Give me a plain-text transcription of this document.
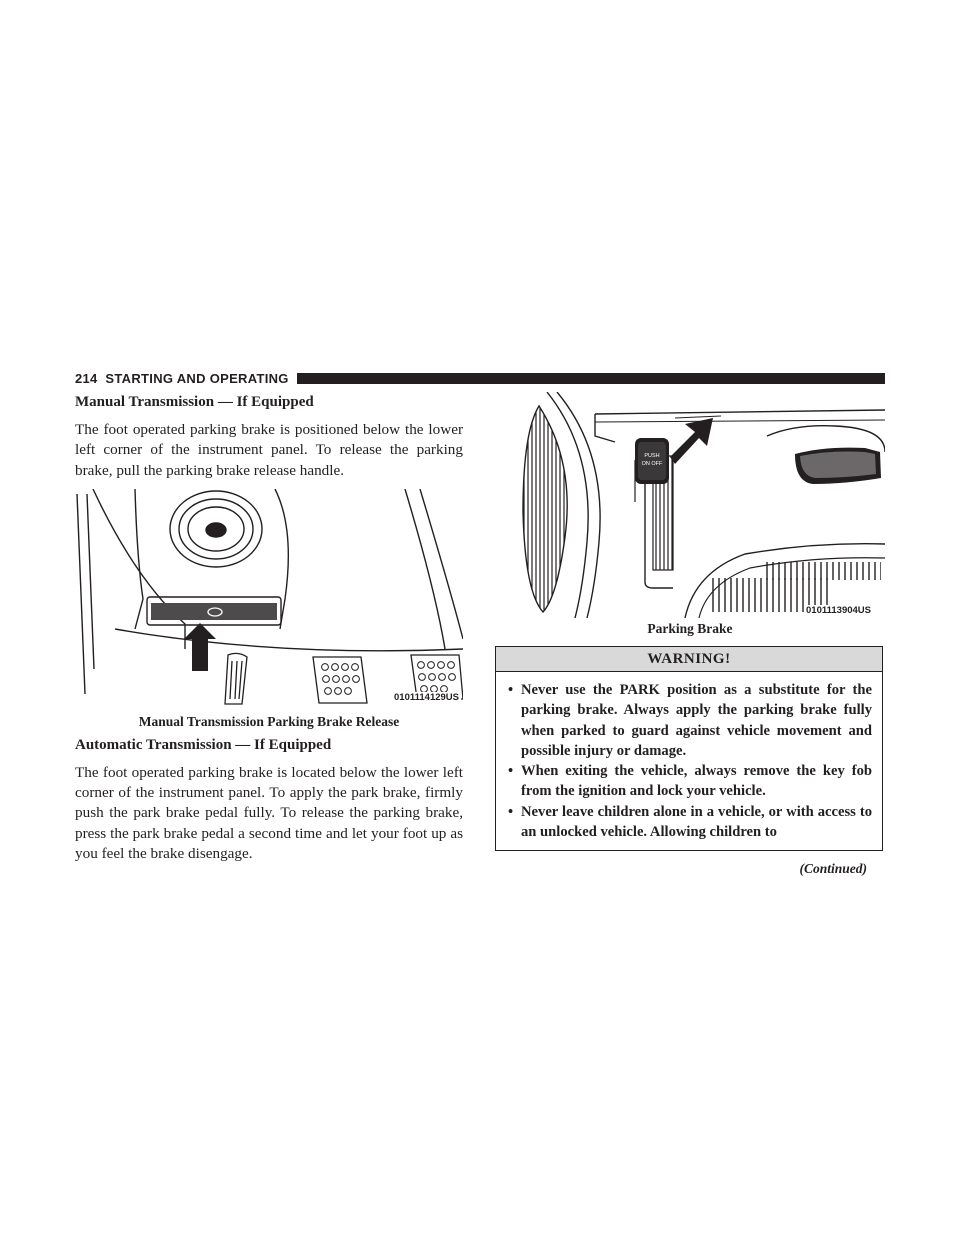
214 STARTING AND OPERATING
Manual Transmission — If Equipped

The foot operated parking brake is positioned below the lower left corner of the instrument panel. To release the parking brake, pull the parking brake release handle.

0101114129US
Manual Transmission Parking Brake Release
Automatic Transmission — If Equipped

The foot operated parking brake is located below the lower left corner of the instrument panel. To apply the park brake, firmly push the park brake pedal fully. To release the parking brake, press the park brake pedal a second time and let your foot up as you feel the brake disengage.

PUSH
ON OFF
0101113904US
Parking Brake
WARNING!
• Never use the PARK position as a substitute for the parking brake. Always apply the parking brake fully when parked to guard against vehicle movement and possible injury or damage.
• When exiting the vehicle, always remove the key fob from the ignition and lock your vehicle.
• Never leave children alone in a vehicle, or with access to an unlocked vehicle. Allowing children to
(Continued)
